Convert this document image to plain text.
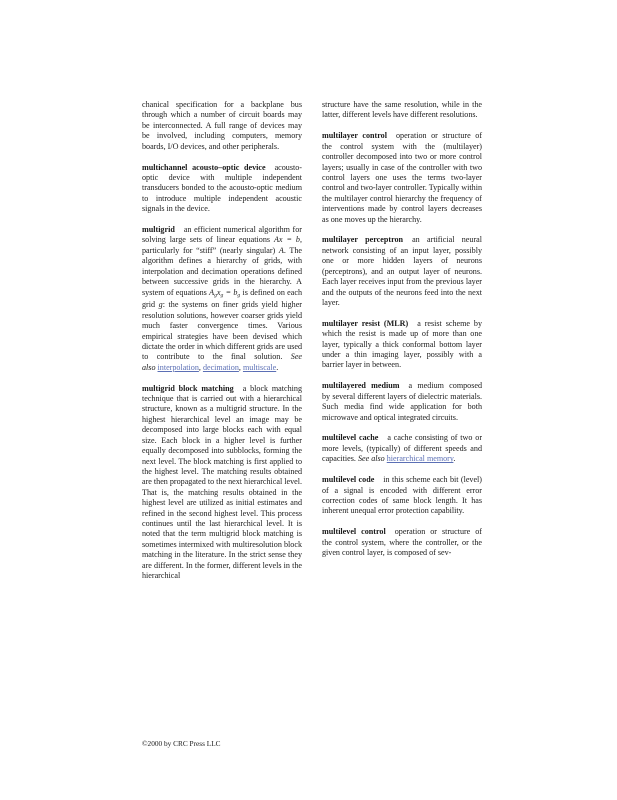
chanical specification for a backplane bus through which a number of circuit boards may be interconnected. A full range of devices may be involved, including computers, memory boards, I/O devices, and other peripherals.

multichannel acousto–optic device acousto-optic device with multiple independent transducers bonded to the acousto-optic medium to introduce multiple independent acoustic signals in the device.

multigrid an efficient numerical algorithm for solving large sets of linear equations Ax = b, particularly for “stiff” (nearly singular) A. The algorithm defines a hierarchy of grids, with interpolation and decimation operations defined between successive grids in the hierarchy. A system of equations $A_gx_g = b_g$ is defined on each grid g: the systems on finer grids yield higher resolution solutions, however coarser grids yield much faster convergence times. Various empirical strategies have been devised which dictate the order in which different grids are used to contribute to the final solution. See also interpolation, decimation, multiscale.

multigrid block matching a block matching technique that is carried out with a hierarchical structure, known as a multigrid structure. In the highest hierarchical level an image may be decomposed into large blocks each with equal size. Each block in a higher level is further equally decomposed into subblocks, forming the next level. The block matching is first applied to the highest level. The matching results obtained are then propagated to the next hierarchical level. That is, the matching results obtained in the highest level are utilized as initial estimates and refined in the second highest level. This process continues until the last hierarchical level. It is noted that the term multigrid block matching is sometimes intermixed with multiresolution block matching in the literature. In the strict sense they are different. In the former, different levels in the hierarchical

structure have the same resolution, while in the latter, different levels have different resolutions.

multilayer control operation or structure of the control system with the (multilayer) controller decomposed into two or more control layers; usually in case of the controller with two control layers one uses the terms two-layer control and two-layer controller. Typically within the multilayer control hierarchy the frequency of interventions made by control layers decreases as one moves up the hierarchy.

multilayer perceptron an artificial neural network consisting of an input layer, possibly one or more hidden layers of neurons (perceptrons), and an output layer of neurons. Each layer receives input from the previous layer and the outputs of the neurons feed into the next layer.

multilayer resist (MLR) a resist scheme by which the resist is made up of more than one layer, typically a thick conformal bottom layer under a thin imaging layer, possibly with a barrier layer in between.

multilayered medium a medium composed by several different layers of dielectric materials. Such media find wide application for both microwave and optical integrated circuits.

multilevel cache a cache consisting of two or more levels, (typically) of different speeds and capacities. See also hierarchical memory.

multilevel code in this scheme each bit (level) of a signal is encoded with different error correction codes of same block length. It has inherent unequal error protection capability.

multilevel control operation or structure of the control system, where the controller, or the given control layer, is composed of sev-

©2000 by CRC Press LLC
